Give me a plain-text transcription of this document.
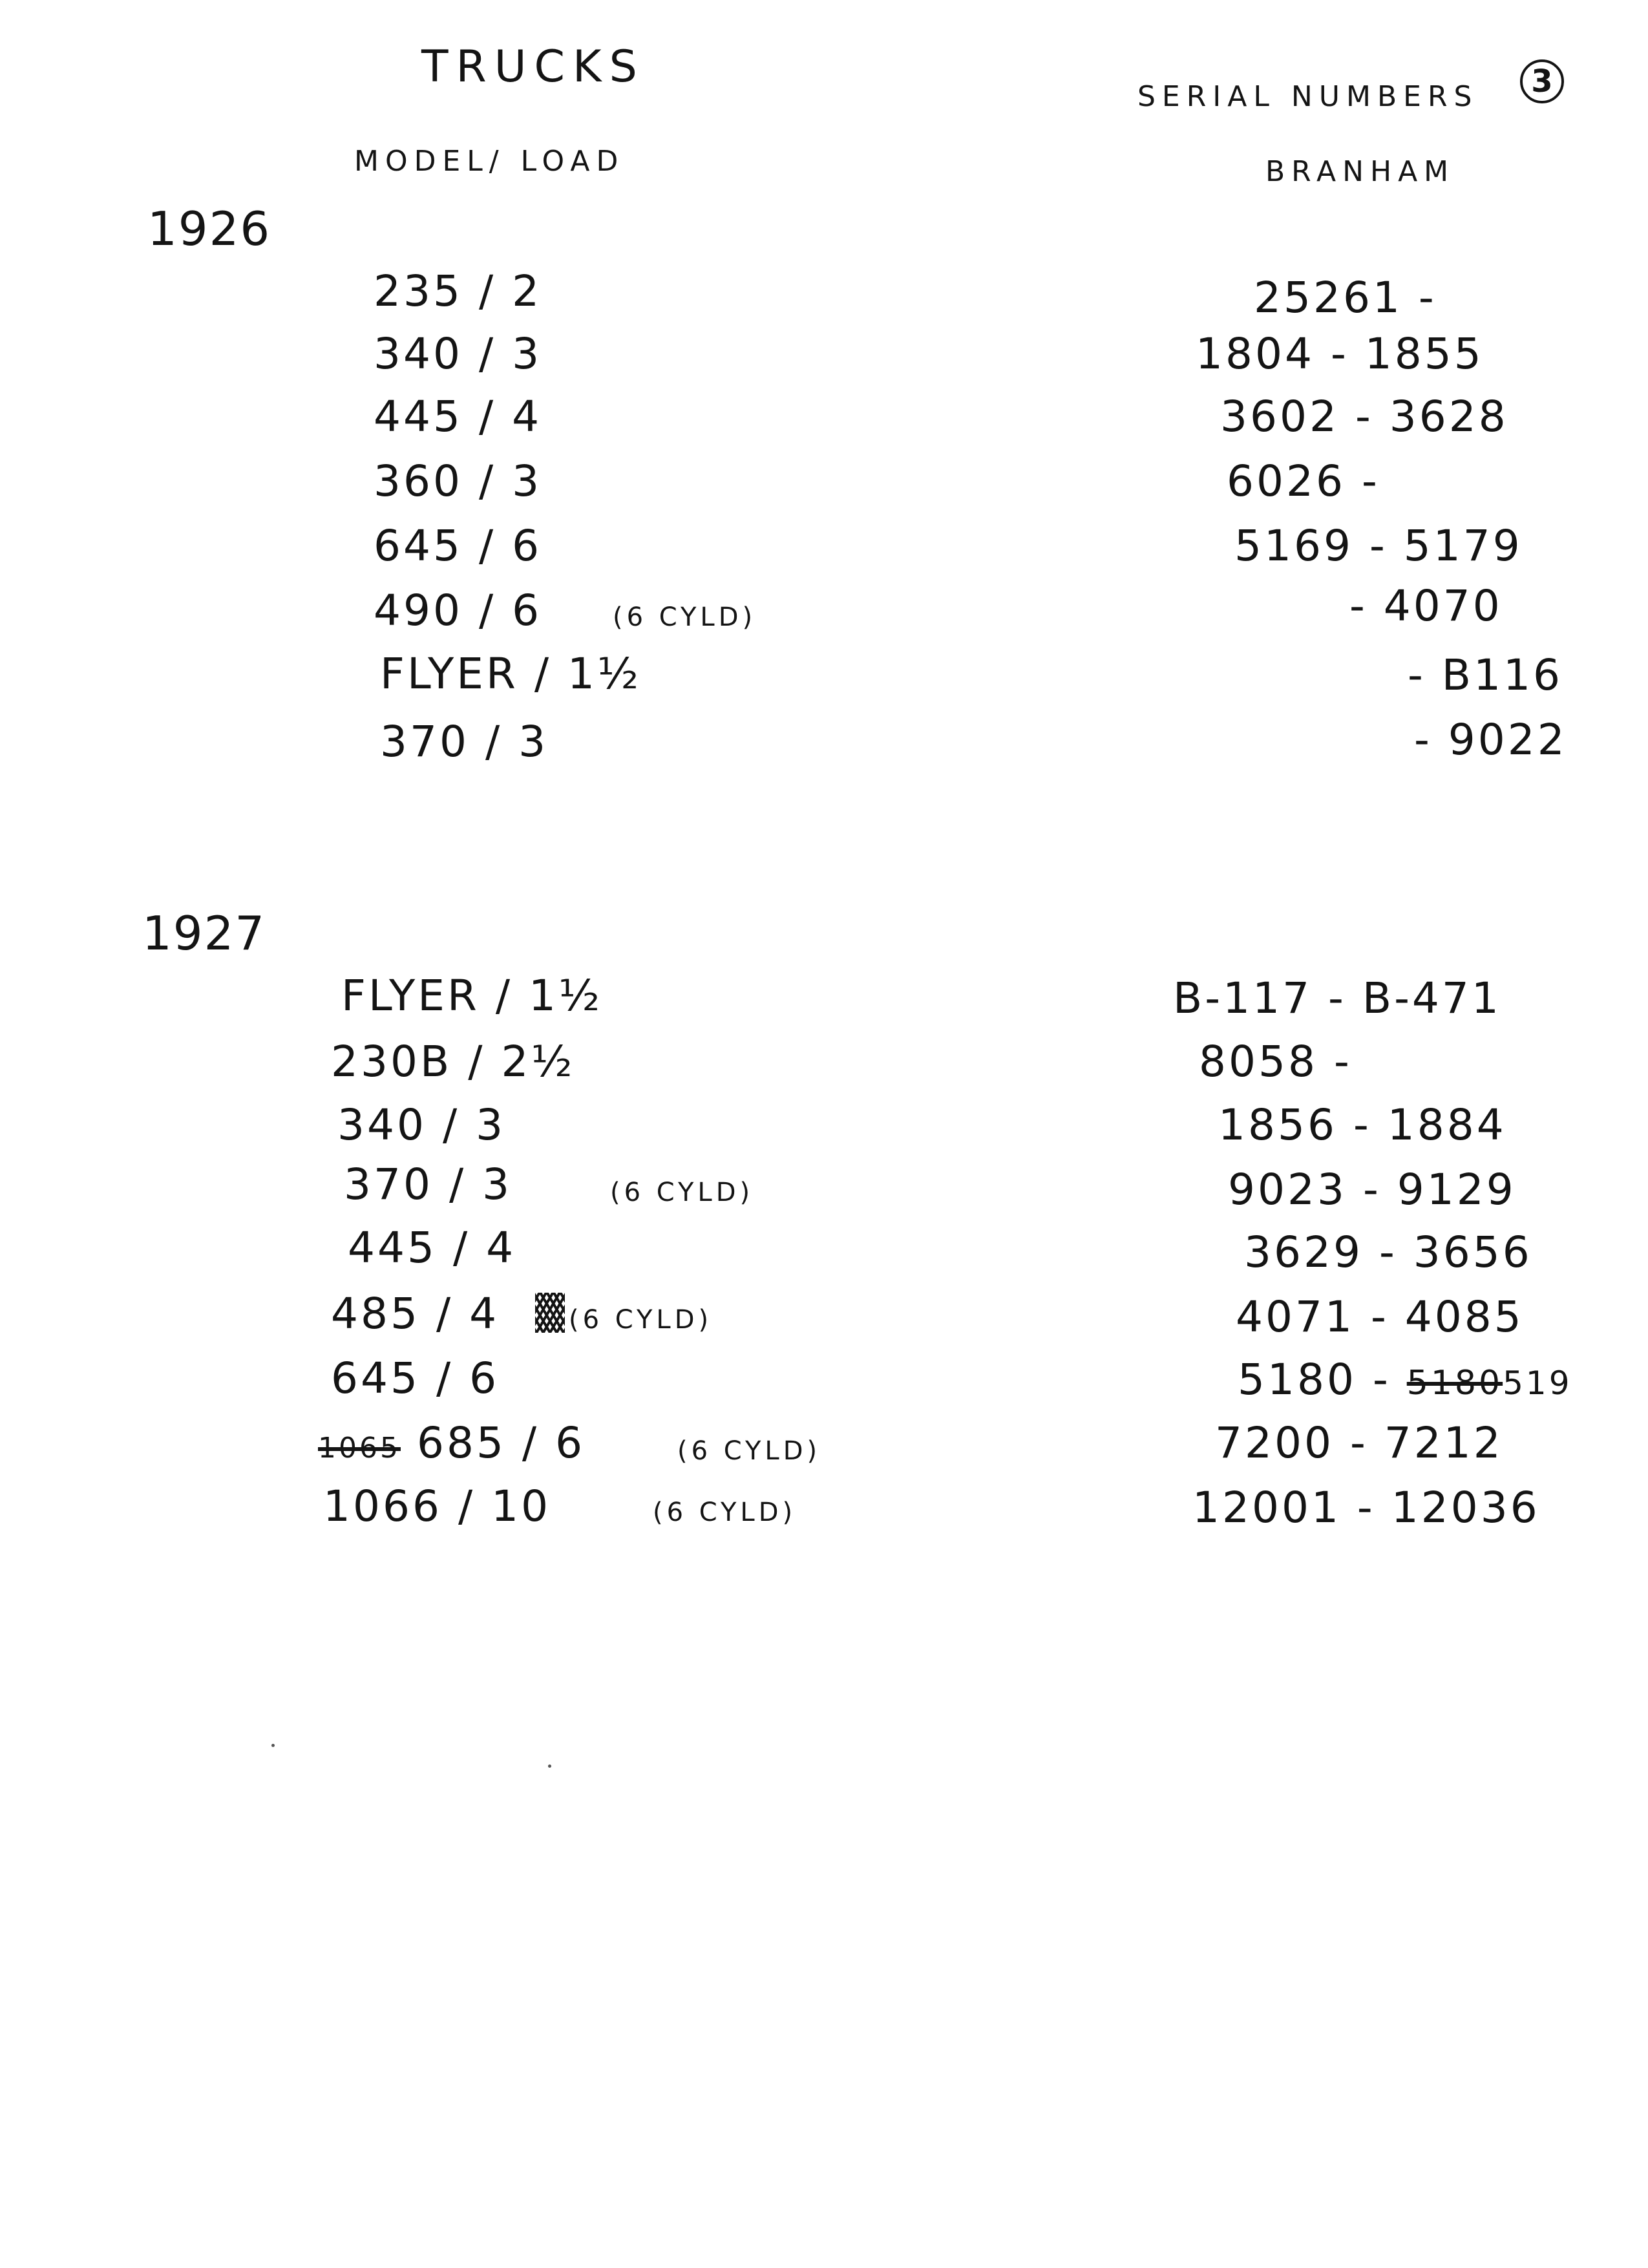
TRUCKS
SERIAL NUMBERS 3
MODEL/ LOAD	BRANHAM
1926
235 / 2	25261 -
340 / 3	1804 - 1855
445 / 4	3602 - 3628
360 / 3	6026 -
645 / 6	5169 - 5179
490 / 6	(6 CYLD)	- 4070
FLYER / 1½	- B116
370 / 3	- 9022
1927
FLYER / 1½	B-117 - B-471
230B / 2½	8058 -
340 / 3	1856 - 1884
370 / 3	(6 CYLD)	9023 - 9129
445 / 4	3629 - 3656
485 / 4	(6 CYLD)	4071 - 4085
645 / 6	5180 - 5180519
1065 685 / 6	(6 CYLD)	7200 - 7212
1066 / 10	(6 CYLD)	12001 - 12036
